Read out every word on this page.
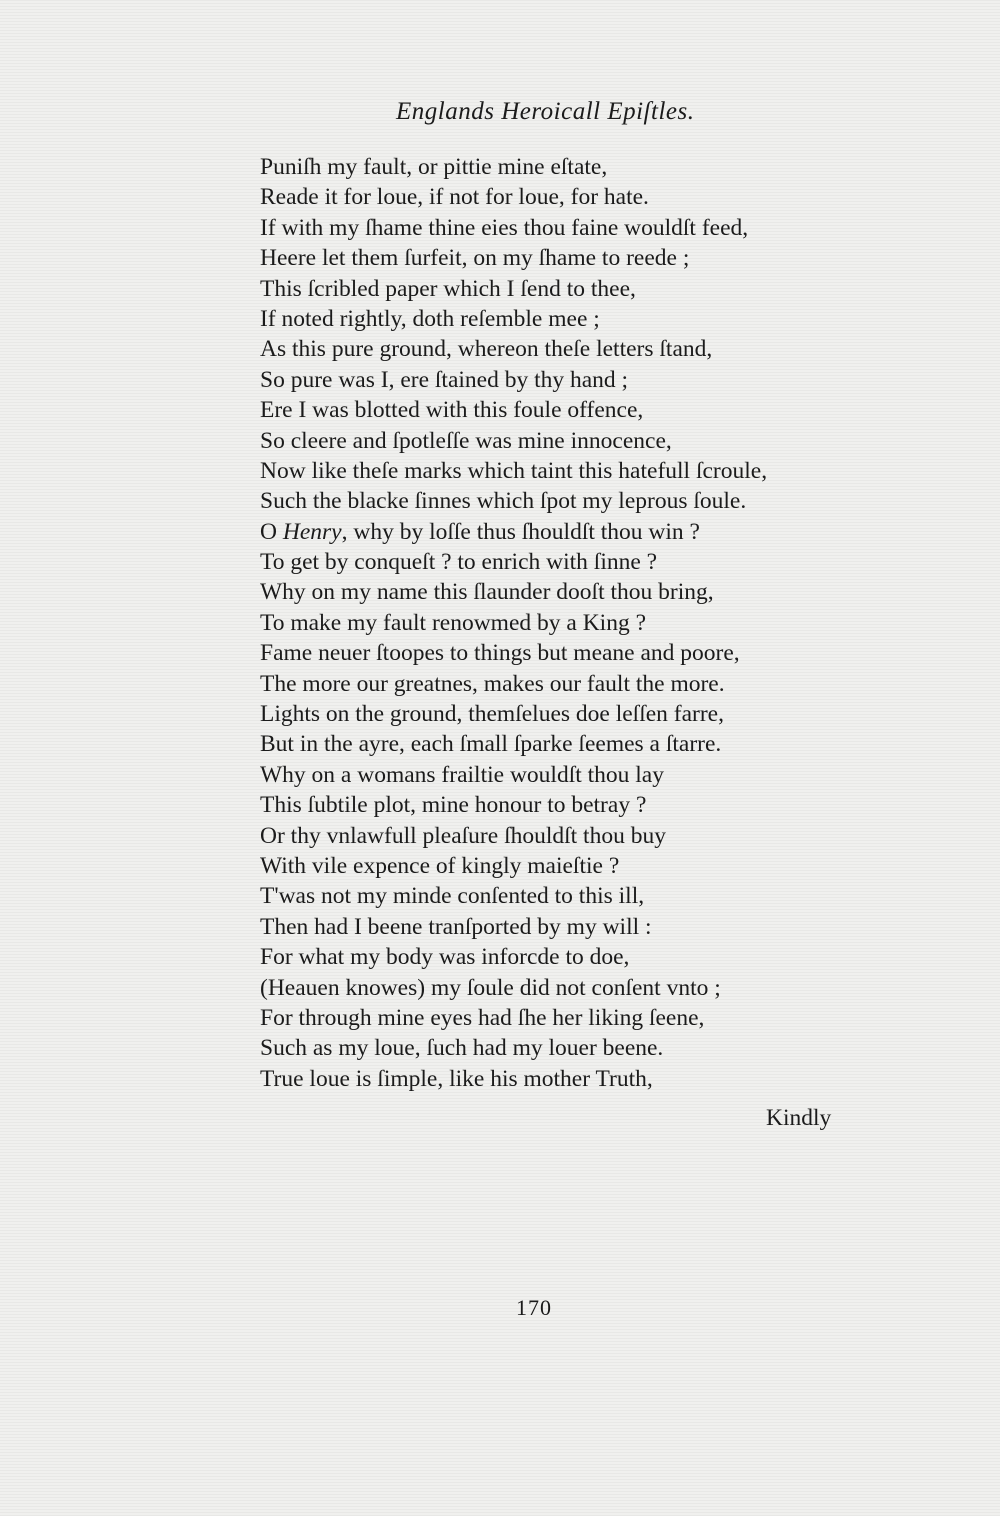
Englands Heroicall Epiſtles.
Puniſh my fault, or pittie mine eſtate,
Reade it for loue, if not for loue, for hate.
If with my ſhame thine eies thou faine wouldſt feed,
Heere let them ſurfeit, on my ſhame to reede ;
This ſcribled paper which I ſend to thee,
If noted rightly, doth reſemble mee ;
As this pure ground, whereon theſe letters ſtand,
So pure was I, ere ſtained by thy hand ;
Ere I was blotted with this foule offence,
So cleere and ſpotleſſe was mine innocence,
Now like theſe marks which taint this hatefull ſcroule,
Such the blacke ſinnes which ſpot my leprous ſoule.
O Henry, why by loſſe thus ſhouldſt thou win ?
To get by conqueſt ? to enrich with ſinne ?
Why on my name this ſlaunder dooſt thou bring,
To make my fault renowmed by a King ?
Fame neuer ſtoopes to things but meane and poore,
The more our greatnes, makes our fault the more.
Lights on the ground, themſelues doe leſſen farre,
But in the ayre, each ſmall ſparke ſeemes a ſtarre.
Why on a womans frailtie wouldſt thou lay
This ſubtile plot, mine honour to betray ?
Or thy vnlawfull pleaſure ſhouldſt thou buy
With vile expence of kingly maieſtie ?
T'was not my minde conſented to this ill,
Then had I beene tranſported by my will :
For what my body was inforcde to doe,
(Heauen knowes) my ſoule did not conſent vnto ;
For through mine eyes had ſhe her liking ſeene,
Such as my loue, ſuch had my louer beene.
True loue is ſimple, like his mother Truth,
Kindly
170
